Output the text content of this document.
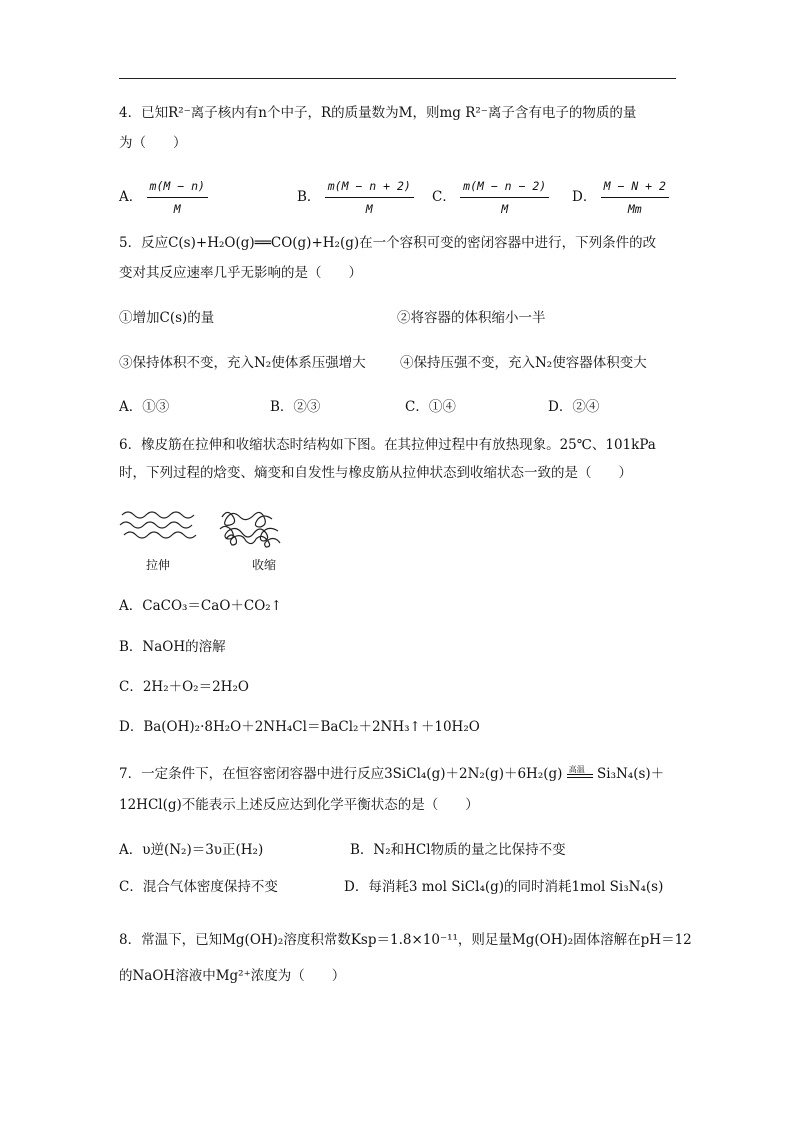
4．已知R²⁻离子核内有n个中子，R的质量数为M，则mg R²⁻离子含有电子的物质的量
为（　　）
A． $\frac{m(M - n)}{M}$	B． $\frac{m(M - n + 2)}{M}$ C． $\frac{m(M - n - 2)}{M}$ D． $\frac{M - N + 2}{Mm}$
5．反应C(s)+H₂O(g)══CO(g)+H₂(g)在一个容积可变的密闭容器中进行，下列条件的改
变对其反应速率几乎无影响的是（　　）
①增加C(s)的量	②将容器的体积缩小一半
③保持体积不变，充入N₂使体系压强增大	④保持压强不变，充入N₂使容器体积变大
A．①③	B．②③	C．①④	D．②④
6．橡皮筋在拉伸和收缩状态时结构如下图。在其拉伸过程中有放热现象。25℃、101kPa
时，下列过程的焓变、熵变和自发性与橡皮筋从拉伸状态到收缩状态一致的是（　　）
拉伸	收缩
A．CaCO₃＝CaO＋CO₂↑
B．NaOH的溶解
C．2H₂＋O₂＝2H₂O
D．Ba(OH)₂·8H₂O＋2NH₄Cl＝BaCl₂＋2NH₃↑＋10H₂O
7．一定条件下，在恒容密闭容器中进行反应3SiCl₄(g)＋2N₂(g)＋6H₂(g) 高温 Si₃N₄(s)＋
12HCl(g)不能表示上述反应达到化学平衡状态的是（　　）
A．υ逆(N₂)＝3υ正(H₂)	B．N₂和HCl物质的量之比保持不变
C．混合气体密度保持不变	D．每消耗3 mol SiCl₄(g)的同时消耗1mol Si₃N₄(s)
8．常温下，已知Mg(OH)₂溶度积常数Ksp＝1.8×10⁻¹¹，则足量Mg(OH)₂固体溶解在pH＝12
的NaOH溶液中Mg²⁺浓度为（　　）
